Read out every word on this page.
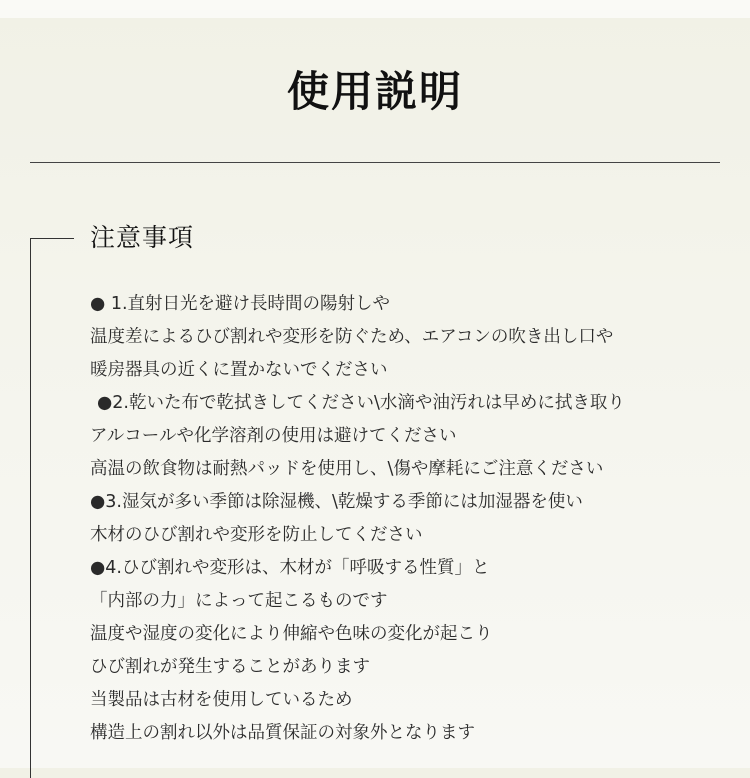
使用説明
注意事項
● 1.直射日光を避け長時間の陽射しや
温度差によるひび割れや変形を防ぐため、エアコンの吹き出し口や
暖房器具の近くに置かないでください
●2.乾いた布で乾拭きしてください\水滴や油汚れは早めに拭き取り
アルコールや化学溶剤の使用は避けてください
高温の飲食物は耐熱パッドを使用し、\傷や摩耗にご注意ください
●3.湿気が多い季節は除湿機、\乾燥する季節には加湿器を使い
木材のひび割れや変形を防止してください
●4.ひび割れや変形は、木材が「呼吸する性質」と
「内部の力」によって起こるものです
温度や湿度の変化により伸縮や色味の変化が起こり
ひび割れが発生することがあります
当製品は古材を使用しているため
構造上の割れ以外は品質保証の対象外となります
